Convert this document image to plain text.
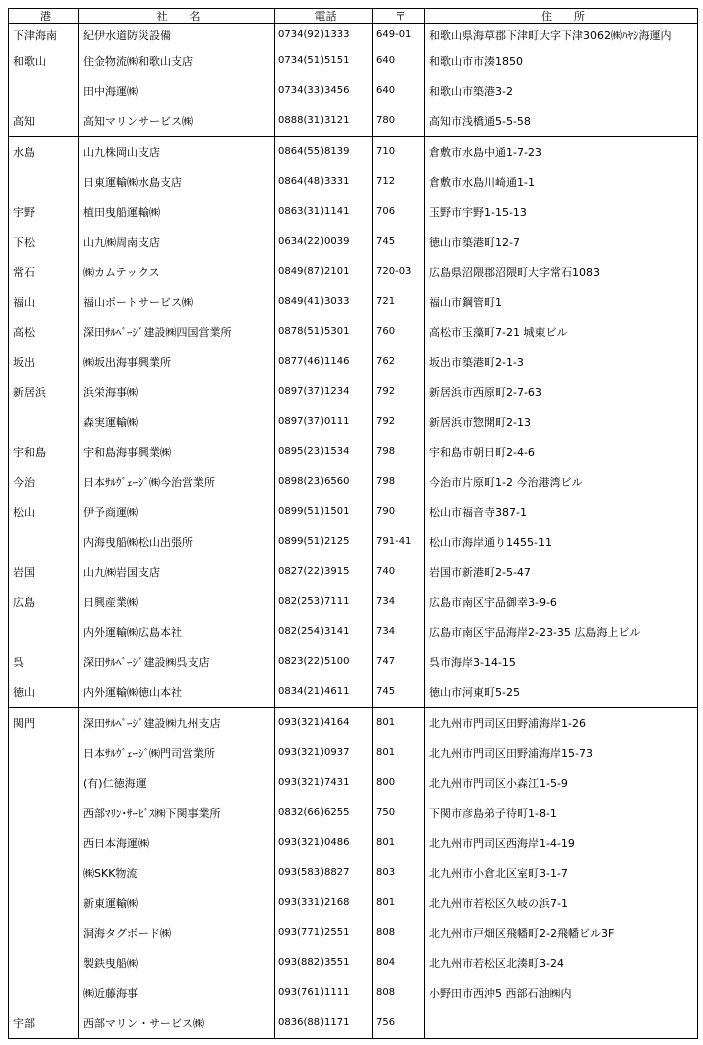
港	社　　名	電話	〒	住　　所
下津海南	紀伊水道防災設備	0734(92)1333	649-01	和歌山県海草郡下津町大字下津3062㈱ﾊﾔｼ海運内
和歌山	住金物流㈱和歌山支店	0734(51)5151	640	和歌山市市湊1850
	田中海運㈱	0734(33)3456	640	和歌山市築港3-2
高知	高知マリンサービス㈱	0888(31)3121	780	高知市浅橋通5-5-58
水島	山九株岡山支店	0864(55)8139	710	倉敷市水島中通1-7-23
	日東運輸㈱水島支店	0864(48)3331	712	倉敷市水島川崎通1-1
宇野	植田曳船運輸㈱	0863(31)1141	706	玉野市宇野1-15-13
下松	山九㈱周南支店	0634(22)0039	745	徳山市築港町12-7
常石	㈱カムテックス	0849(87)2101	720-03	広島県沼隈郡沼隈町大字常石1083
福山	福山ポートサービス㈱	0849(41)3033	721	福山市鋼管町1
高松	深田ｻﾙﾍﾞｰｼﾞ建設㈱四国営業所	0878(51)5301	760	高松市玉藻町7-21 城東ビル
坂出	㈱坂出海事興業所	0877(46)1146	762	坂出市築港町2-1-3
新居浜	浜栄海事㈱	0897(37)1234	792	新居浜市西原町2-7-63
	森実運輸㈱	0897(37)0111	792	新居浜市惣開町2-13
宇和島	宇和島海事興業㈱	0895(23)1534	798	宇和島市朝日町2-4-6
今治	日本ｻﾙｳﾞｪｰｼﾞ㈱今治営業所	0898(23)6560	798	今治市片原町1-2 今治港湾ビル
松山	伊予商運㈱	0899(51)1501	790	松山市福音寺387-1
	内海曳船㈱松山出張所	0899(51)2125	791-41	松山市海岸通り1455-11
岩国	山九㈱岩国支店	0827(22)3915	740	岩国市新港町2-5-47
広島	日興産業㈱	082(253)7111	734	広島市南区宇品御幸3-9-6
	内外運輸㈱広島本社	082(254)3141	734	広島市南区宇品海岸2-23-35 広島海上ビル
呉	深田ｻﾙﾍﾞｰｼﾞ建設㈱呉支店	0823(22)5100	747	呉市海岸3-14-15
徳山	内外運輸㈱徳山本社	0834(21)4611	745	徳山市河東町5-25
関門	深田ｻﾙﾍﾞｰｼﾞ建設㈱九州支店	093(321)4164	801	北九州市門司区田野浦海岸1-26
	日本ｻﾙｳﾞｪｰｼﾞ㈱門司営業所	093(321)0937	801	北九州市門司区田野浦海岸15-73
	(有)仁徳海運	093(321)7431	800	北九州市門司区小森江1-5-9
	西部ﾏﾘﾝ･ｻｰﾋﾞｽ㈱下関事業所	0832(66)6255	750	下関市彦島弟子待町1-8-1
	西日本海運㈱	093(321)0486	801	北九州市門司区西海岸1-4-19
	㈱SKK物流	093(583)8827	803	北九州市小倉北区室町3-1-7
	新東運輸㈱	093(331)2168	801	北九州市若松区久岐の浜7-1
	洞海タグボード㈱	093(771)2551	808	北九州市戸畑区飛幡町2-2飛幡ビル3F
	製鉄曳船㈱	093(882)3551	804	北九州市若松区北湊町3-24
	㈱近藤海事	093(761)1111	808	小野田市西沖5 西部石油㈱内
宇部	西部マリン・サービス㈱	0836(88)1171	756	
